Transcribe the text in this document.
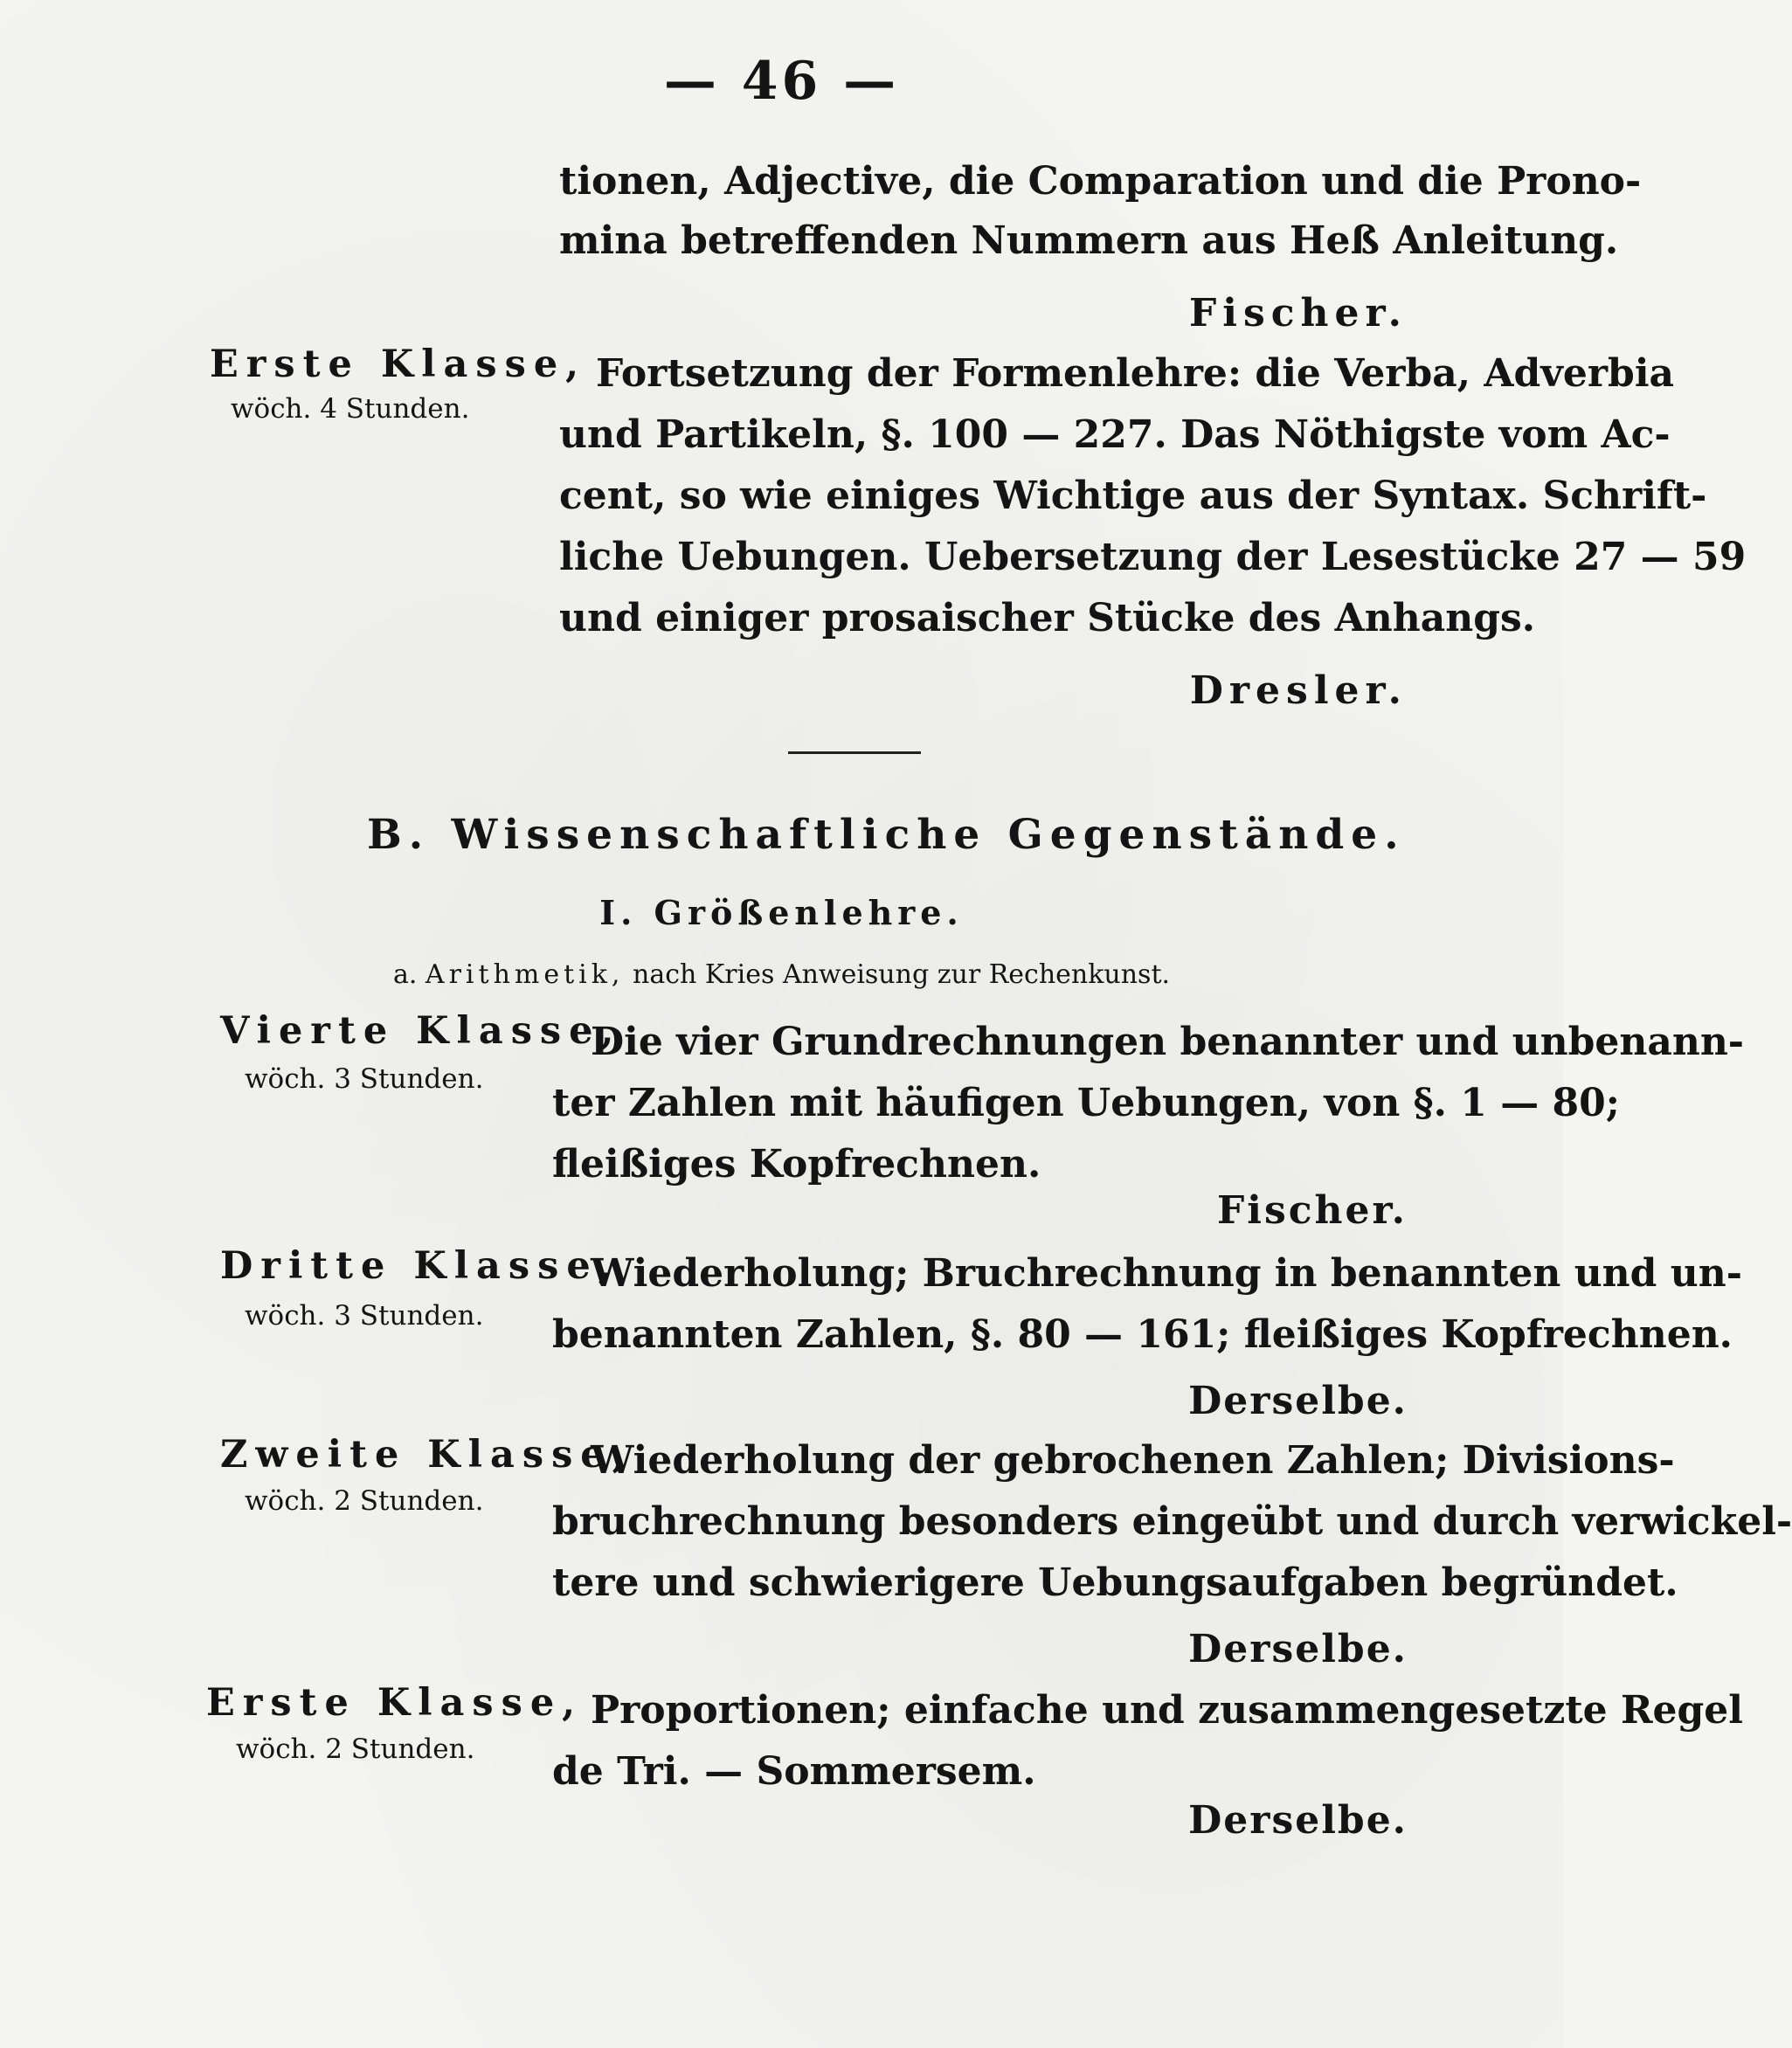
— 46 —
tionen, Adjective, die Comparation und die Prono-
mina betreffenden Nummern aus Heß Anleitung.
Fischer.
Erste Klasse,
wöch. 4 Stunden.
Fortsetzung der Formenlehre: die Verba, Adverbia
und Partikeln, §. 100 — 227. Das Nöthigste vom Ac-
cent, so wie einiges Wichtige aus der Syntax. Schrift-
liche Uebungen. Uebersetzung der Lesestücke 27 — 59
und einiger prosaischer Stücke des Anhangs.
Dresler.
B. Wissenschaftliche Gegenstände.
I. Größenlehre.
a. Arithmetik, nach Kries Anweisung zur Rechenkunst.
Vierte Klasse,
wöch. 3 Stunden.
Die vier Grundrechnungen benannter und unbenann-
ter Zahlen mit häufigen Uebungen, von §. 1 — 80;
fleißiges Kopfrechnen.
Fischer.
Dritte Klasse,
wöch. 3 Stunden.
Wiederholung; Bruchrechnung in benannten und un-
benannten Zahlen, §. 80 — 161; fleißiges Kopfrechnen.
Derselbe.
Zweite Klasse,
wöch. 2 Stunden.
Wiederholung der gebrochenen Zahlen; Divisions-
bruchrechnung besonders eingeübt und durch verwickel-
tere und schwierigere Uebungsaufgaben begründet.
Derselbe.
Erste Klasse,
wöch. 2 Stunden.
Proportionen; einfache und zusammengesetzte Regel
de Tri. — Sommersem.
Derselbe.
